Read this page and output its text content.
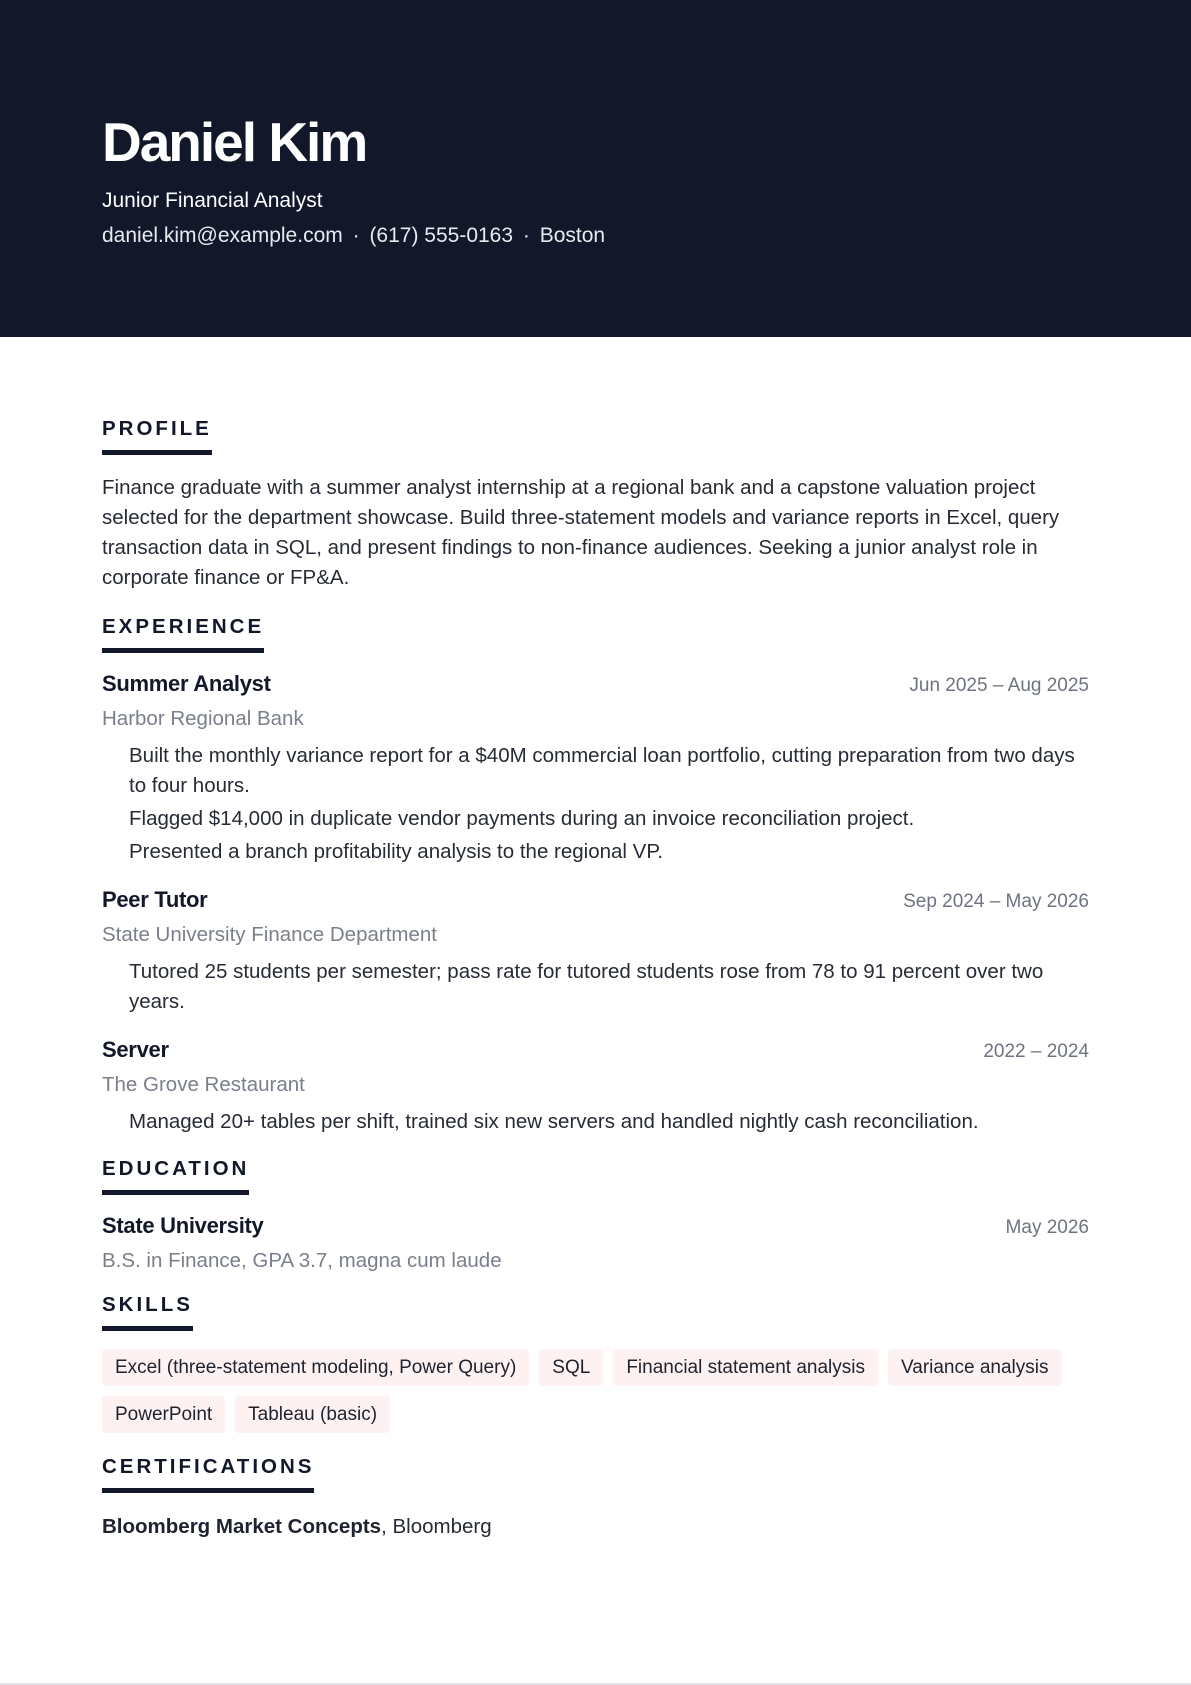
Daniel Kim
Junior Financial Analyst
daniel.kim@example.com · (617) 555-0163 · Boston
PROFILE

Finance graduate with a summer analyst internship at a regional bank and a capstone valuation project selected for the department showcase. Build three-statement models and variance reports in Excel, query transaction data in SQL, and present findings to non-finance audiences. Seeking a junior analyst role in corporate finance or FP&A.

EXPERIENCE
Summer Analyst	Jun 2025 – Aug 2025
Harbor Regional Bank
Built the monthly variance report for a $40M commercial loan portfolio, cutting preparation from two days to four hours.
Flagged $14,000 in duplicate vendor payments during an invoice reconciliation project.
Presented a branch profitability analysis to the regional VP.
Peer Tutor	Sep 2024 – May 2026
State University Finance Department
Tutored 25 students per semester; pass rate for tutored students rose from 78 to 91 percent over two years.
Server	2022 – 2024
The Grove Restaurant
Managed 20+ tables per shift, trained six new servers and handled nightly cash reconciliation.
EDUCATION
State University	May 2026
B.S. in Finance, GPA 3.7, magna cum laude
SKILLS
Excel (three-statement modeling, Power Query)	SQL	Financial statement analysis	Variance analysis
PowerPoint	Tableau (basic)
CERTIFICATIONS
Bloomberg Market Concepts, Bloomberg
